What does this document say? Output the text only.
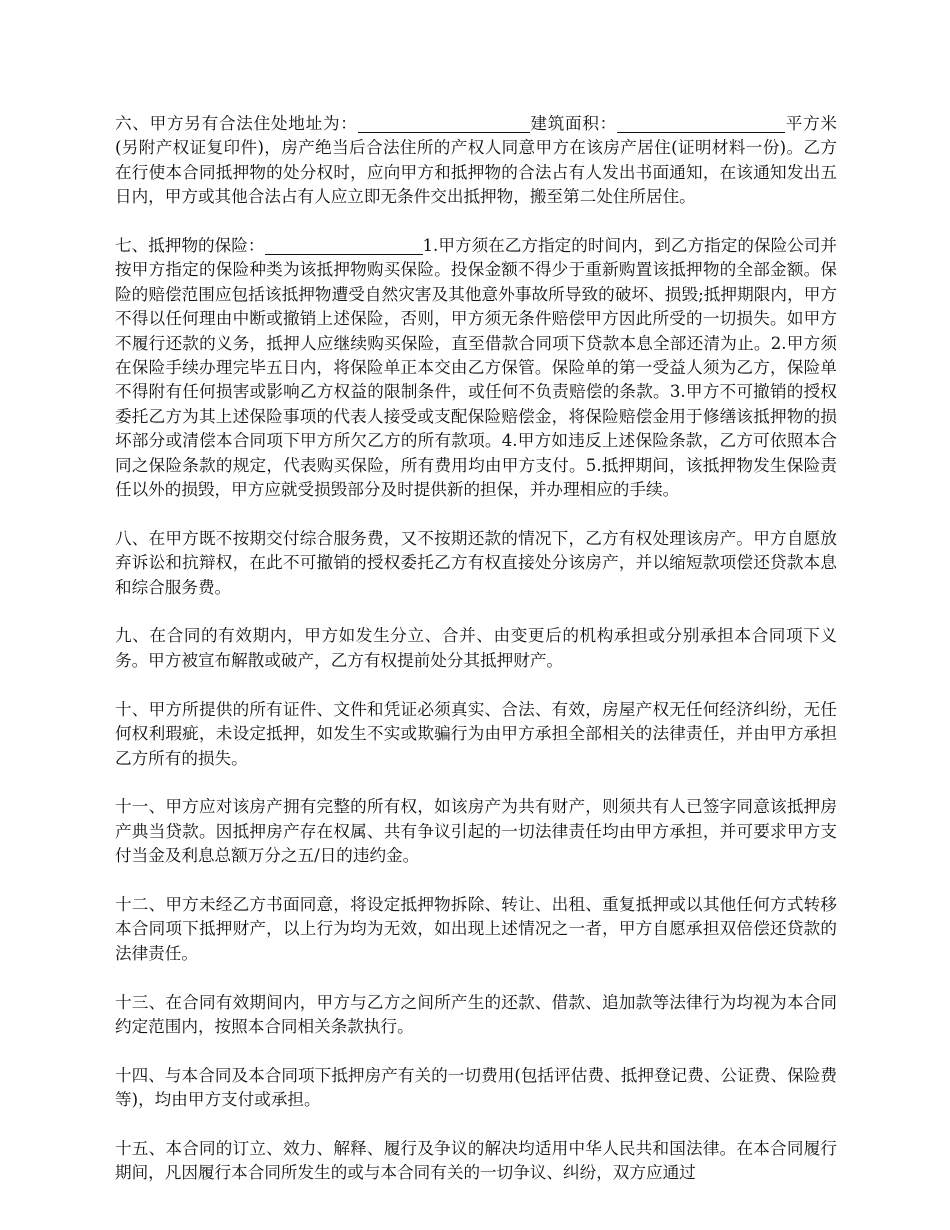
六、甲方另有合法住处地址为：	建筑面积：	平方米(另附产权证复印件)，房产绝当后合法住所的产权人同意甲方在该房产居住(证明材料一份)。乙方在行使本合同抵押物的处分权时，应向甲方和抵押物的合法占有人发出书面通知，在该通知发出五日内，甲方或其他合法占有人应立即无条件交出抵押物，搬至第二处住所居住。

七、抵押物的保险：	1.甲方须在乙方指定的时间内，到乙方指定的保险公司并按甲方指定的保险种类为该抵押物购买保险。投保金额不得少于重新购置该抵押物的全部金额。保险的赔偿范围应包括该抵押物遭受自然灾害及其他意外事故所导致的破坏、损毁;抵押期限内，甲方不得以任何理由中断或撤销上述保险，否则，甲方须无条件赔偿甲方因此所受的一切损失。如甲方不履行还款的义务，抵押人应继续购买保险，直至借款合同项下贷款本息全部还清为止。2.甲方须在保险手续办理完毕五日内，将保险单正本交由乙方保管。保险单的第一受益人须为乙方，保险单不得附有任何损害或影响乙方权益的限制条件，或任何不负责赔偿的条款。3.甲方不可撤销的授权委托乙方为其上述保险事项的代表人接受或支配保险赔偿金，将保险赔偿金用于修缮该抵押物的损坏部分或清偿本合同项下甲方所欠乙方的所有款项。4.甲方如违反上述保险条款，乙方可依照本合同之保险条款的规定，代表购买保险，所有费用均由甲方支付。5.抵押期间，该抵押物发生保险责任以外的损毁，甲方应就受损毁部分及时提供新的担保，并办理相应的手续。

八、在甲方既不按期交付综合服务费，又不按期还款的情况下，乙方有权处理该房产。甲方自愿放弃诉讼和抗辩权，在此不可撤销的授权委托乙方有权直接处分该房产，并以缩短款项偿还贷款本息和综合服务费。

九、在合同的有效期内，甲方如发生分立、合并、由变更后的机构承担或分别承担本合同项下义务。甲方被宣布解散或破产，乙方有权提前处分其抵押财产。

十、甲方所提供的所有证件、文件和凭证必须真实、合法、有效，房屋产权无任何经济纠纷，无任何权利瑕疵，未设定抵押，如发生不实或欺骗行为由甲方承担全部相关的法律责任，并由甲方承担乙方所有的损失。

十一、甲方应对该房产拥有完整的所有权，如该房产为共有财产，则须共有人已签字同意该抵押房产典当贷款。因抵押房产存在权属、共有争议引起的一切法律责任均由甲方承担，并可要求甲方支付当金及利息总额万分之五/日的违约金。

十二、甲方未经乙方书面同意，将设定抵押物拆除、转让、出租、重复抵押或以其他任何方式转移本合同项下抵押财产，以上行为均为无效，如出现上述情况之一者，甲方自愿承担双倍偿还贷款的法律责任。

十三、在合同有效期间内，甲方与乙方之间所产生的还款、借款、追加款等法律行为均视为本合同约定范围内，按照本合同相关条款执行。

十四、与本合同及本合同项下抵押房产有关的一切费用(包括评估费、抵押登记费、公证费、保险费等)，均由甲方支付或承担。

十五、本合同的订立、效力、解释、履行及争议的解决均适用中华人民共和国法律。在本合同履行期间，凡因履行本合同所发生的或与本合同有关的一切争议、纠纷，双方应通过
